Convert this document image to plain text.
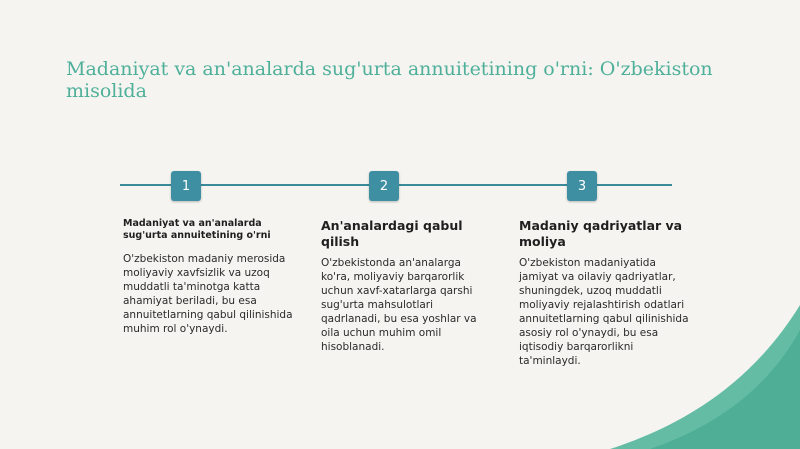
Madaniyat va an'analarda sug'urta annuitetining o'rni: O'zbekiston misolida
1	2	3

Madaniyat va an'analarda sug'urta annuitetining o'rni

O'zbekiston madaniy merosida moliyaviy xavfsizlik va uzoq muddatli ta'minotga katta ahamiyat beriladi, bu esa annuitetlarning qabul qilinishida muhim rol o'ynaydi.

An'analardagi qabul qilish

O'zbekistonda an'analarga ko'ra, moliyaviy barqarorlik uchun xavf-xatarlarga qarshi sug'urta mahsulotlari qadrlanadi, bu esa yoshlar va oila uchun muhim omil hisoblanadi.

Madaniy qadriyatlar va moliya

O'zbekiston madaniyatida jamiyat va oilaviy qadriyatlar, shuningdek, uzoq muddatli moliyaviy rejalashtirish odatlari annuitetlarning qabul qilinishida asosiy rol o'ynaydi, bu esa iqtisodiy barqarorlikni ta'minlaydi.
